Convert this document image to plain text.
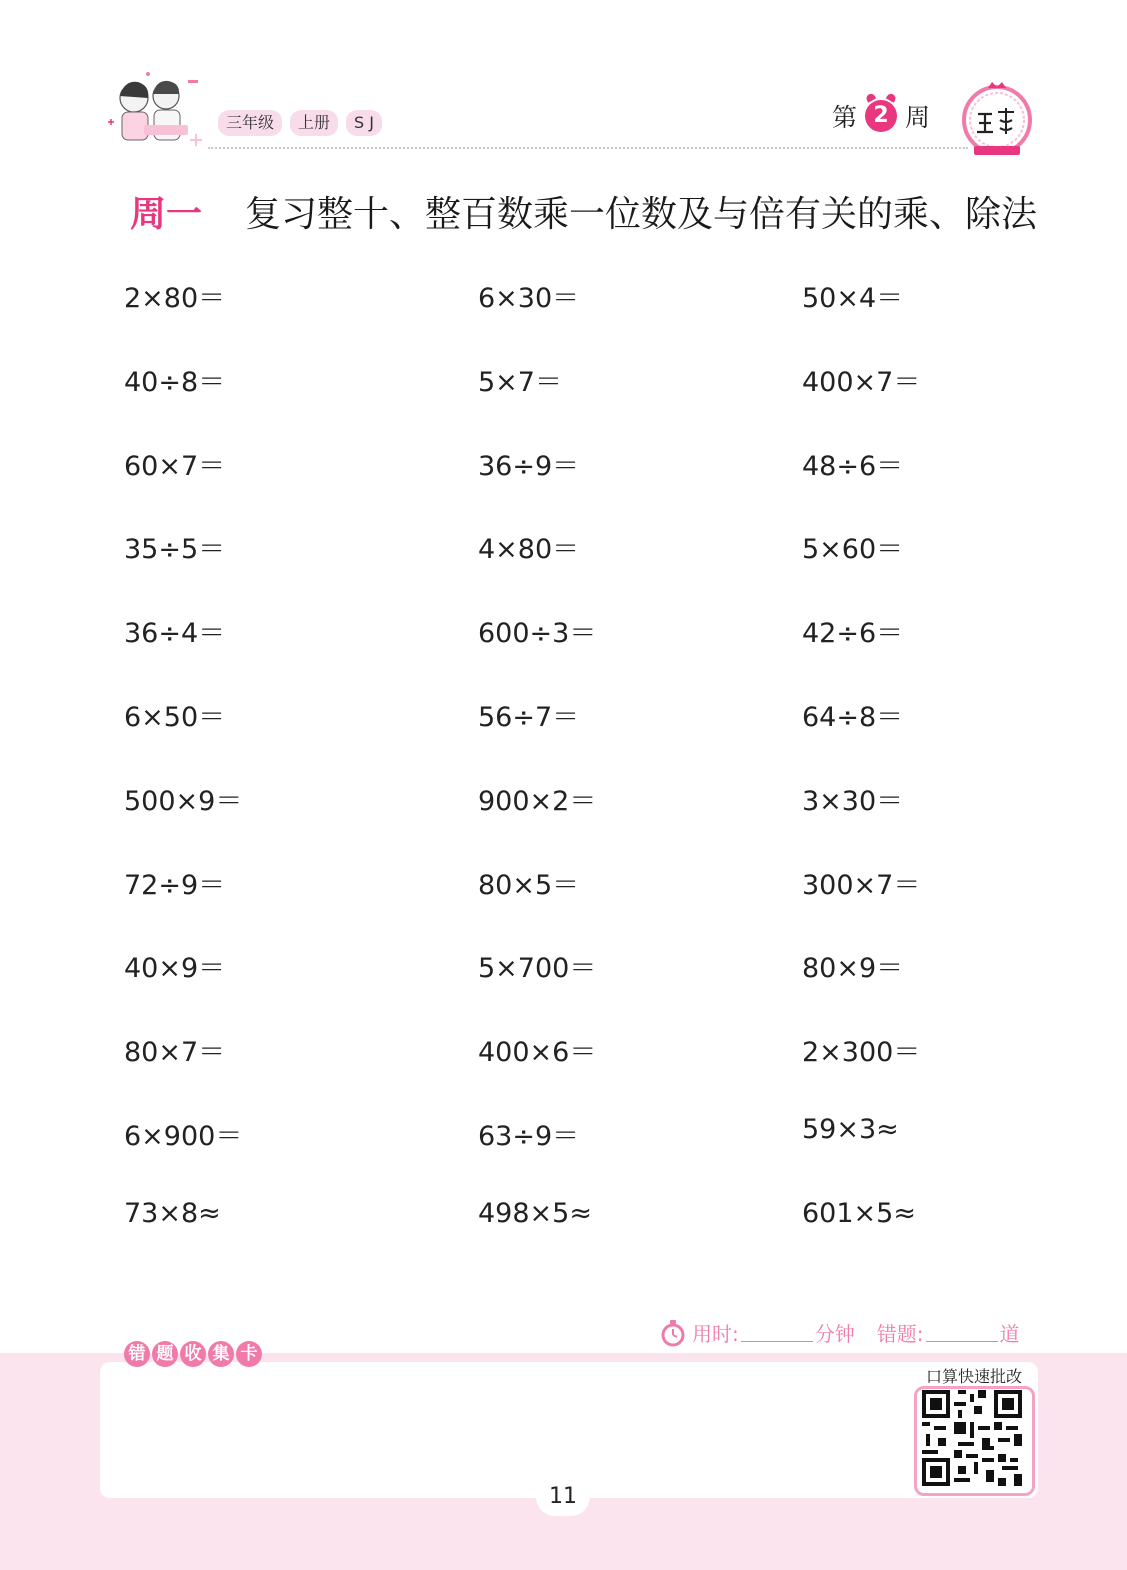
三年级	上册	S J	第 2 周
周一	复习整十、整百数乘一位数及与倍有关的乘、除法
2×80＝	6×30＝	50×4＝
40÷8＝	5×7＝	400×7＝
60×7＝	36÷9＝	48÷6＝
35÷5＝	4×80＝	5×60＝
36÷4＝	600÷3＝	42÷6＝
6×50＝	56÷7＝	64÷8＝
500×9＝	900×2＝	3×30＝
72÷9＝	80×5＝	300×7＝
40×9＝	5×700＝	80×9＝
80×7＝	400×6＝	2×300＝
6×900＝	63÷9＝	59×3≈
73×8≈	498×5≈	601×5≈
用时:	分钟 错题:	道
错 题 收 集 卡
口算快速批改
11
